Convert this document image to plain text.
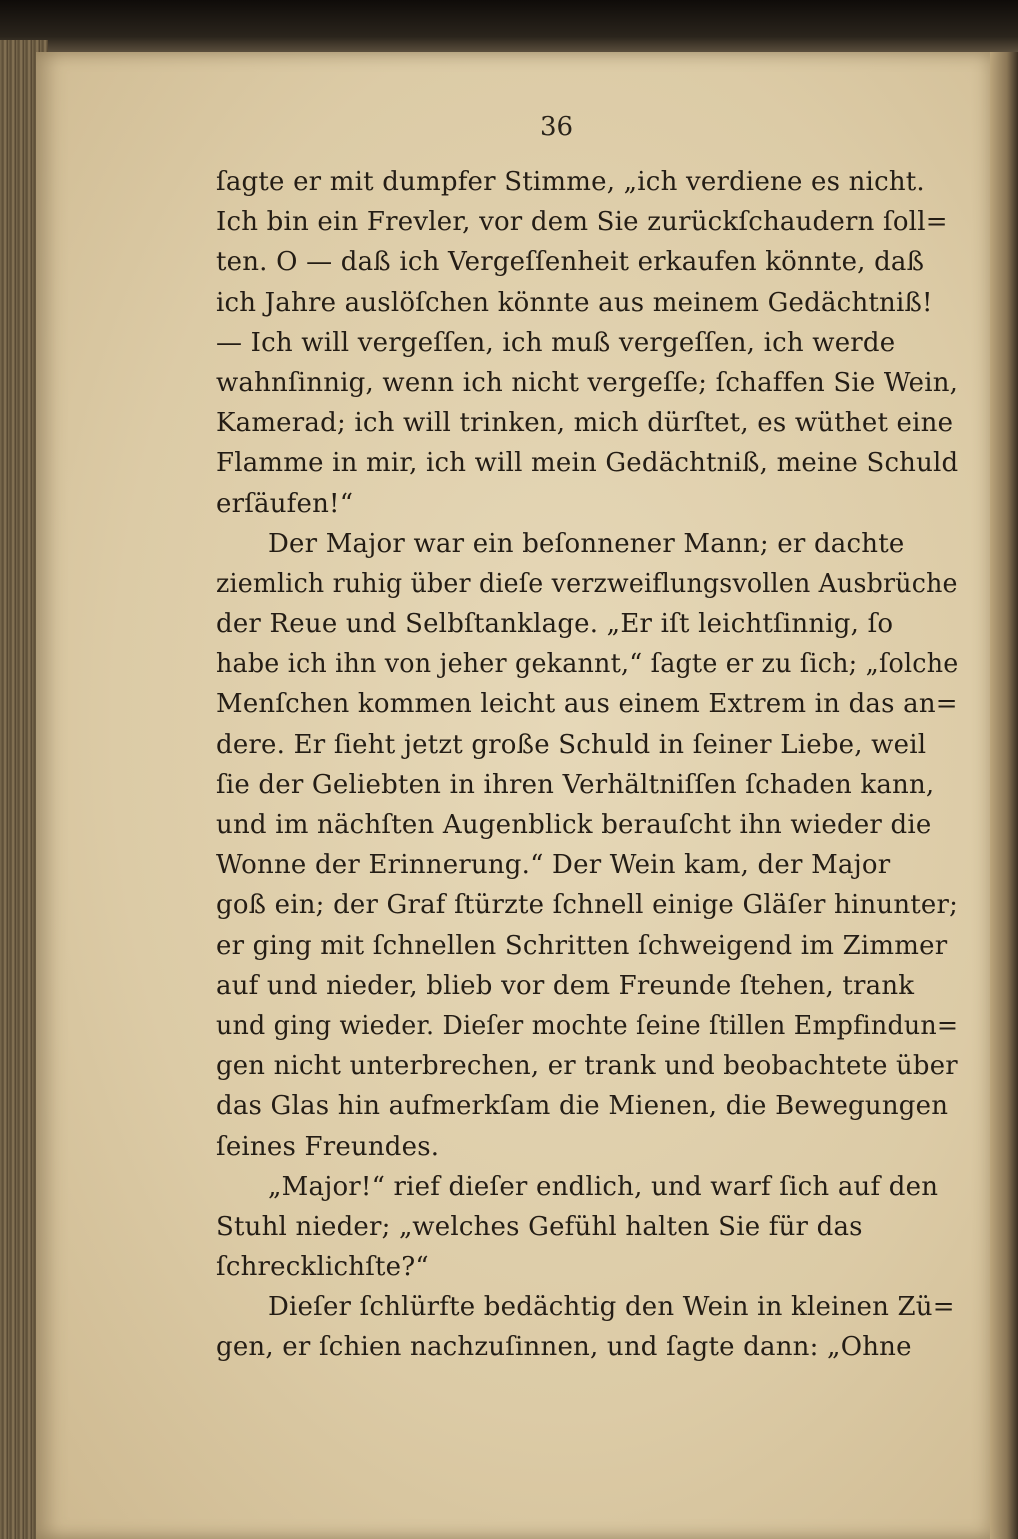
36
ſagte er mit dumpfer Stimme, „ich verdiene es nicht.
Ich bin ein Frevler, vor dem Sie zurückſchaudern ſoll=
ten. O — daß ich Vergeſſenheit erkaufen könnte, daß
ich Jahre auslöſchen könnte aus meinem Gedächtniß!
— Ich will vergeſſen, ich muß vergeſſen, ich werde
wahnſinnig, wenn ich nicht vergeſſe; ſchaffen Sie Wein,
Kamerad; ich will trinken, mich dürſtet, es wüthet eine
Flamme in mir, ich will mein Gedächtniß, meine Schuld
erſäufen!“
Der Major war ein beſonnener Mann; er dachte
ziemlich ruhig über dieſe verzweiflungsvollen Ausbrüche
der Reue und Selbſtanklage. „Er iſt leichtſinnig, ſo
habe ich ihn von jeher gekannt,“ ſagte er zu ſich; „ſolche
Menſchen kommen leicht aus einem Extrem in das an=
dere. Er ſieht jetzt große Schuld in ſeiner Liebe, weil
ſie der Geliebten in ihren Verhältniſſen ſchaden kann,
und im nächſten Augenblick berauſcht ihn wieder die
Wonne der Erinnerung.“ Der Wein kam, der Major
goß ein; der Graf ſtürzte ſchnell einige Gläſer hinunter;
er ging mit ſchnellen Schritten ſchweigend im Zimmer
auf und nieder, blieb vor dem Freunde ſtehen, trank
und ging wieder. Dieſer mochte ſeine ſtillen Empfindun=
gen nicht unterbrechen, er trank und beobachtete über
das Glas hin aufmerkſam die Mienen, die Bewegungen
ſeines Freundes.
„Major!“ rief dieſer endlich, und warf ſich auf den
Stuhl nieder; „welches Gefühl halten Sie für das
ſchrecklichſte?“
Dieſer ſchlürfte bedächtig den Wein in kleinen Zü=
gen, er ſchien nachzuſinnen, und ſagte dann: „Ohne
